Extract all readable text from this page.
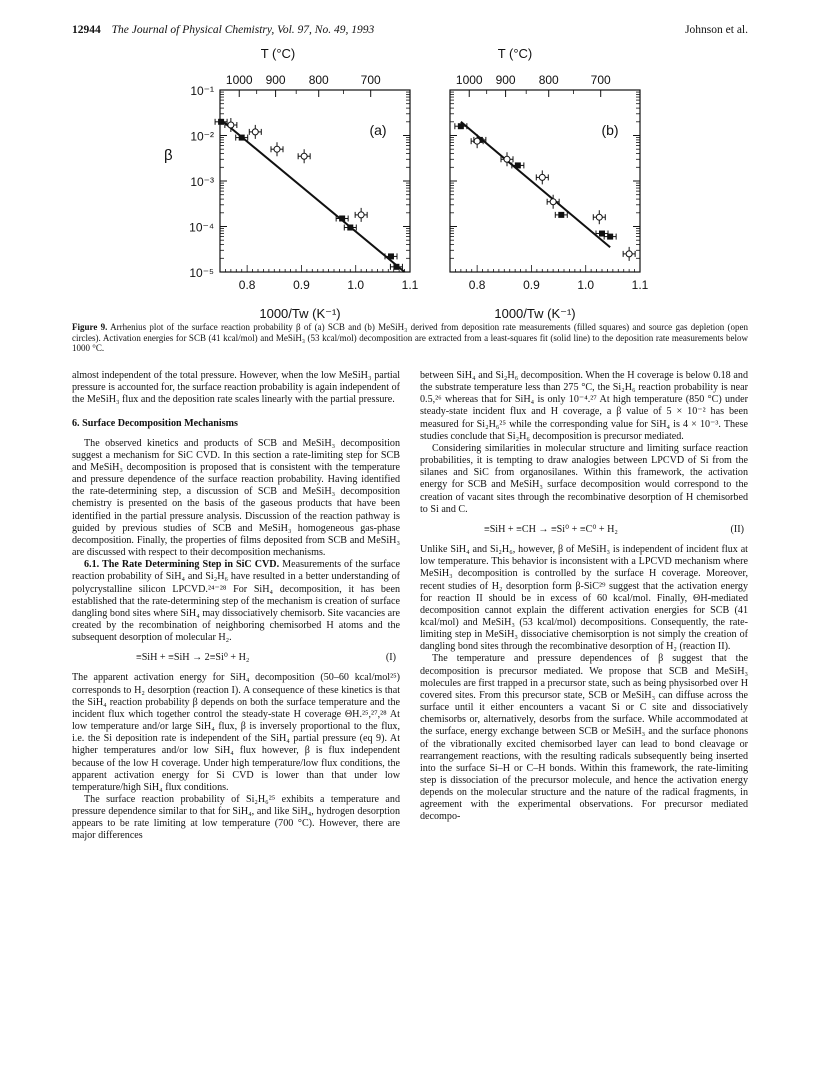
12944 The Journal of Physical Chemistry, Vol. 97, No. 49, 1993	Johnson et al.
T (°C)
β
1000/Tw (K⁻¹)
(a)
T (°C)
1000/Tw (K⁻¹)
(b)
10⁻¹
10⁻²
10⁻³
10⁻⁴
10⁻⁵
0.8	0.9	1.0	1.1
1000 900 800	700
0.8	0.9	1.0	1.1
1000 900 800	700
Figure 9. Arrhenius plot of the surface reaction probability β of (a) SCB and (b) MeSiH₃ derived from deposition rate measurements (filled squares) and source gas depletion (open circles). Activation energies for SCB (41 kcal/mol) and MeSiH₃ (53 kcal/mol) decomposition are extracted from a least-squares fit (solid line) to the deposition rate measurements below 1000 °C.

almost independent of the total pressure. However, when the low MeSiH₃ partial pressure is accounted for, the surface reaction probability is again independent of the MeSiH₃ flux and the deposition rate scales linearly with the partial pressure.

6. Surface Decomposition Mechanisms

The observed kinetics and products of SCB and MeSiH₃ decomposition suggest a mechanism for SiC CVD. In this section a rate-limiting step for SCB and MeSiH₃ decomposition is proposed that is consistent with the temperature and pressure dependence of the surface reaction probability. Having identified the rate-determining step, a discussion of SCB and MeSiH₃ decomposition chemistry is presented on the basis of the gaseous products that have been identified in the partial pressure analysis. Discussion of the reaction pathway is guided by previous studies of SCB and MeSiH₃ homogeneous gas-phase decomposition. Finally, the properties of films deposited from SCB and MeSiH₃ are discussed with respect to their decomposition mechanisms.

6.1. The Rate Determining Step in SiC CVD. Measurements of the surface reaction probability of SiH₄ and Si₂H₆ have resulted in a better understanding of polycrystalline silicon LPCVD.²⁴⁻²⁸ For SiH₄ decomposition, it has been established that the rate-determining step of the mechanism is creation of surface dangling bond sites where SiH₄ may dissociatively chemisorb. Site vacancies are created by the recombination of neighboring chemisorbed H atoms and the subsequent desorption of molecular H₂.

≡SiH + ≡SiH → 2≡Si⁰ + H₂	(I)

The apparent activation energy for SiH₄ decomposition (50–60 kcal/mol²⁵) corresponds to H₂ desorption (reaction I). A consequence of these kinetics is that the SiH₄ reaction probability β depends on both the surface temperature and the incident flux which together control the steady-state H coverage ΘH.²⁵,²⁷,²⁸ At low temperature and/or large SiH₄ flux, β is inversely proportional to the flux, i.e. the Si deposition rate is independent of the SiH₄ partial pressure (eq 9). At higher temperatures and/or low SiH₄ flux however, β is flux independent because of the low H coverage. Under high temperature/low flux conditions, the apparent activation energy for Si CVD is lower than that under low temperature/high SiH₄ flux conditions.

The surface reaction probability of Si₂H₆²⁵ exhibits a temperature and pressure dependence similar to that for SiH₄, and like SiH₄, hydrogen desorption appears to be rate limiting at low temperature (700 °C). However, there are major differences

between SiH₄ and Si₂H₆ decomposition. When the H coverage is below 0.18 and the substrate temperature less than 275 °C, the Si₂H₆ reaction probability is near 0.5,²⁶ whereas that for SiH₄ is only 10⁻⁴.²⁷ At high temperature (850 °C) under steady-state incident flux and H coverage, a β value of 5 × 10⁻² has been measured for Si₂H₆²⁵ while the corresponding value for SiH₄ is 4 × 10⁻³. These studies conclude that Si₂H₆ decomposition is precursor mediated.

Considering similarities in molecular structure and limiting surface reaction probabilities, it is tempting to draw analogies between LPCVD of Si from the silanes and SiC from organosilanes. Within this framework, the activation energy for SCB and MeSiH₃ surface decomposition would correspond to the creation of vacant sites through the recombinative desorption of H chemisorbed to Si and C.

≡SiH + ≡CH → ≡Si⁰ + ≡C⁰ + H₂	(II)

Unlike SiH₄ and Si₂H₆, however, β of MeSiH₃ is independent of incident flux at low temperature. This behavior is inconsistent with a LPCVD mechanism where MeSiH₃ decomposition is controlled by the surface H coverage. Moreover, recent studies of H₂ desorption form β-SiC²⁹ suggest that the activation energy for reaction II should be in excess of 60 kcal/mol. Finally, ΘH-mediated decomposition cannot explain the different activation energies for SCB (41 kcal/mol) and MeSiH₃ (53 kcal/mol) decompositions. Consequently, the rate-limiting step in MeSiH₃ dissociative chemisorption is not simply the creation of dangling bond sites through the recombinative desorption of H₂ (reaction II).

The temperature and pressure dependences of β suggest that the decomposition is precursor mediated. We propose that SCB and MeSiH₃ molecules are first trapped in a precursor state, such as being physisorbed over H covered sites. From this precursor state, SCB or MeSiH₃ can diffuse across the surface until it either encounters a vacant Si or C site and dissociatively chemisorbs or, alternatively, desorbs from the surface. While accommodated at the surface, energy exchange between SCB or MeSiH₃ and the surface phonons of the vibrationally excited chemisorbed layer can lead to bond cleavage or rearrangement reactions, with the resulting radicals subsequently being inserted into the surface Si–H or C–H bonds. Within this framework, the rate-limiting step is dissociation of the precursor molecule, and hence the activation energy depends on the molecular structure and the nature of the radical fragments, in agreement with the experimental observations. For precursor mediated decompo-
